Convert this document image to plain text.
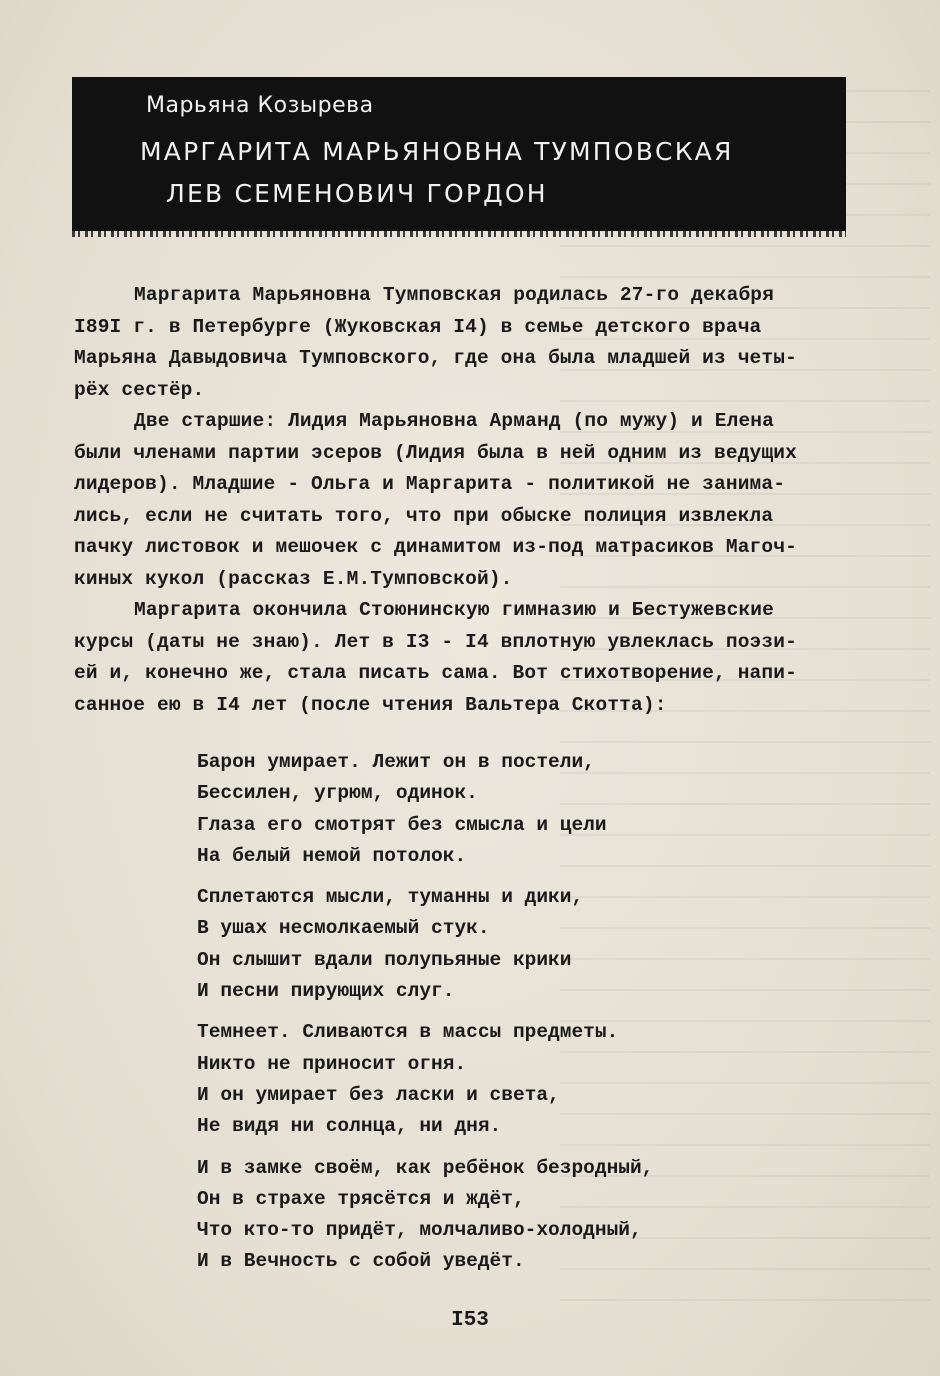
Марьяна Козырева
МАРГАРИТА МАРЬЯНОВНА ТУМПОВСКАЯ
ЛЕВ СЕМЕНОВИЧ ГОРДОН
Маргарита Марьяновна Тумповская родилась 27-го декабря
I89I г. в Петербурге (Жуковская I4) в семье детского врача
Марьяна Давыдовича Тумповского, где она была младшей из четы-
рёх сестёр.
Две старшие: Лидия Марьяновна Арманд (по мужу) и Елена
были членами партии эсеров (Лидия была в ней одним из ведущих
лидеров). Младшие - Ольга и Маргарита - политикой не занима-
лись, если не считать того, что при обыске полиция извлекла
пачку листовок и мешочек с динамитом из-под матрасиков Магоч-
киных кукол (рассказ Е.М.Тумповской).
Маргарита окончила Стоюнинскую гимназию и Бестужевские
курсы (даты не знаю). Лет в I3 - I4 вплотную увлеклась поэзи-
ей и, конечно же, стала писать сама. Вот стихотворение, напи-
санное ею в I4 лет (после чтения Вальтера Скотта):
Барон умирает. Лежит он в постели,
Бессилен, угрюм, одинок.
Глаза его смотрят без смысла и цели
На белый немой потолок.
Сплетаются мысли, туманны и дики,
В ушах несмолкаемый стук.
Он слышит вдали полупьяные крики
И песни пирующих слуг.
Темнеет. Сливаются в массы предметы.
Никто не приносит огня.
И он умирает без ласки и света,
Не видя ни солнца, ни дня.
И в замке своём, как ребёнок безродный,
Он в страхе трясётся и ждёт,
Что кто-то придёт, молчаливо-холодный,
И в Вечность с собой уведёт.
I53
